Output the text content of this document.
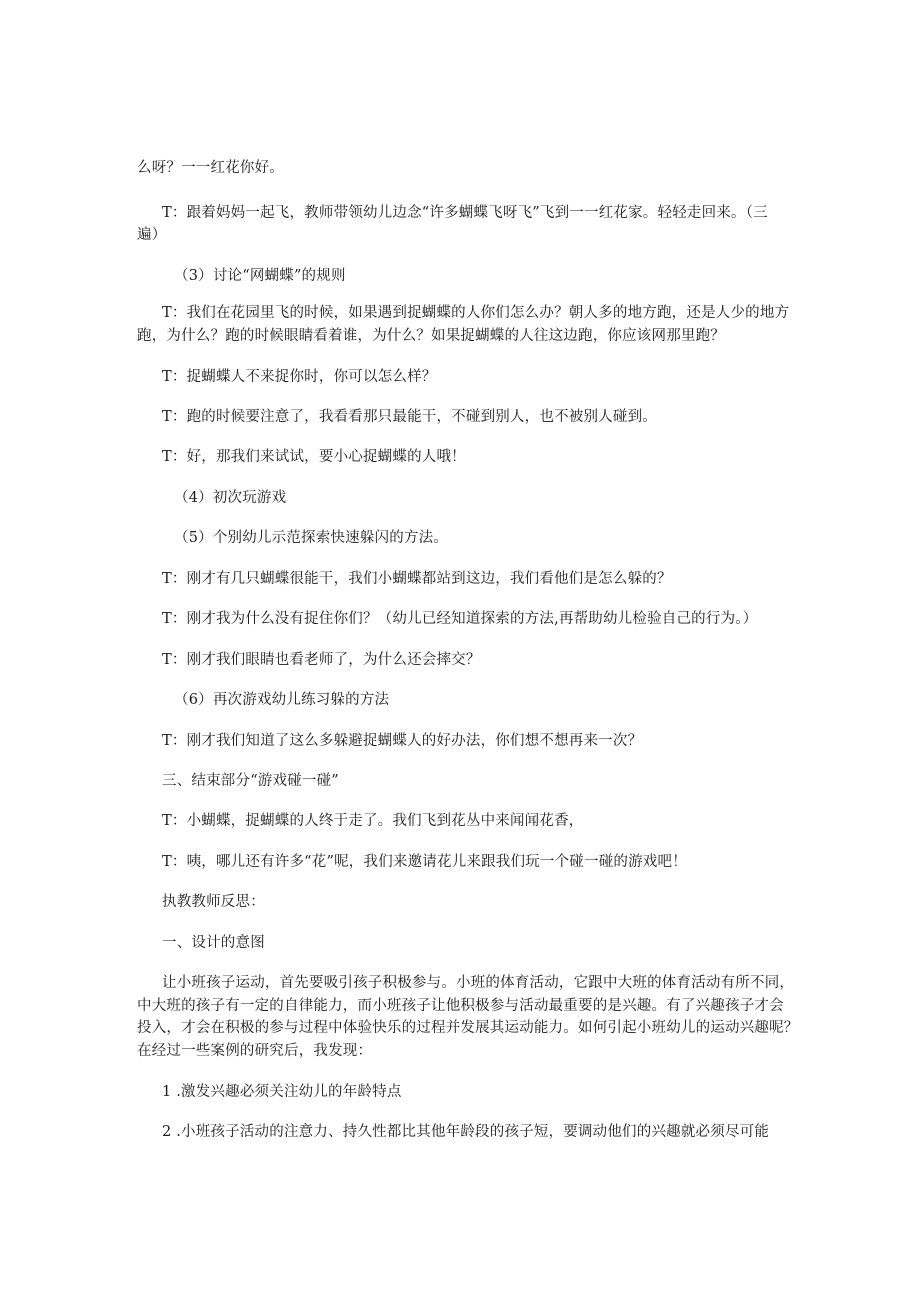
么呀？一一红花你好。
T：跟着妈妈一起飞，教师带领幼儿边念“许多蝴蝶飞呀飞”飞到一一红花家。轻轻走回来。（三
遍）
（3）讨论“网蝴蝶”的规则
T：我们在花园里飞的时候，如果遇到捉蝴蝶的人你们怎么办？朝人多的地方跑，还是人少的地方
跑，为什么？跑的时候眼睛看着谁，为什么？如果捉蝴蝶的人往这边跑，你应该网那里跑？
T：捉蝴蝶人不来捉你时，你可以怎么样？
T：跑的时候要注意了，我看看那只最能干，不碰到别人，也不被别人碰到。
T：好，那我们来试试，要小心捉蝴蝶的人哦！
（4）初次玩游戏
（5）个别幼儿示范探索快速躲闪的方法。
T：刚才有几只蝴蝶很能干，我们小蝴蝶都站到这边，我们看他们是怎么躲的？
T：刚才我为什么没有捉住你们？（幼儿已经知道探索的方法,再帮助幼儿检验自己的行为。）
T：刚才我们眼睛也看老师了，为什么还会摔交？
（6）再次游戏幼儿练习躲的方法
T：刚才我们知道了这么多躲避捉蝴蝶人的好办法，你们想不想再来一次？
三、结束部分“游戏碰一碰”
T：小蝴蝶，捉蝴蝶的人终于走了。我们飞到花丛中来闻闻花香，
T：咦，哪儿还有许多“花”呢，我们来邀请花儿来跟我们玩一个碰一碰的游戏吧！
执教教师反思：
一、设计的意图
让小班孩子运动，首先要吸引孩子积极参与。小班的体育活动，它跟中大班的体育活动有所不同，
中大班的孩子有一定的自律能力，而小班孩子让他积极参与活动最重要的是兴趣。有了兴趣孩子才会
投入，才会在积极的参与过程中体验快乐的过程并发展其运动能力。如何引起小班幼儿的运动兴趣呢？
在经过一些案例的研究后，我发现：
1 .激发兴趣必须关注幼儿的年龄特点
2 .小班孩子活动的注意力、持久性都比其他年龄段的孩子短，要调动他们的兴趣就必须尽可能
